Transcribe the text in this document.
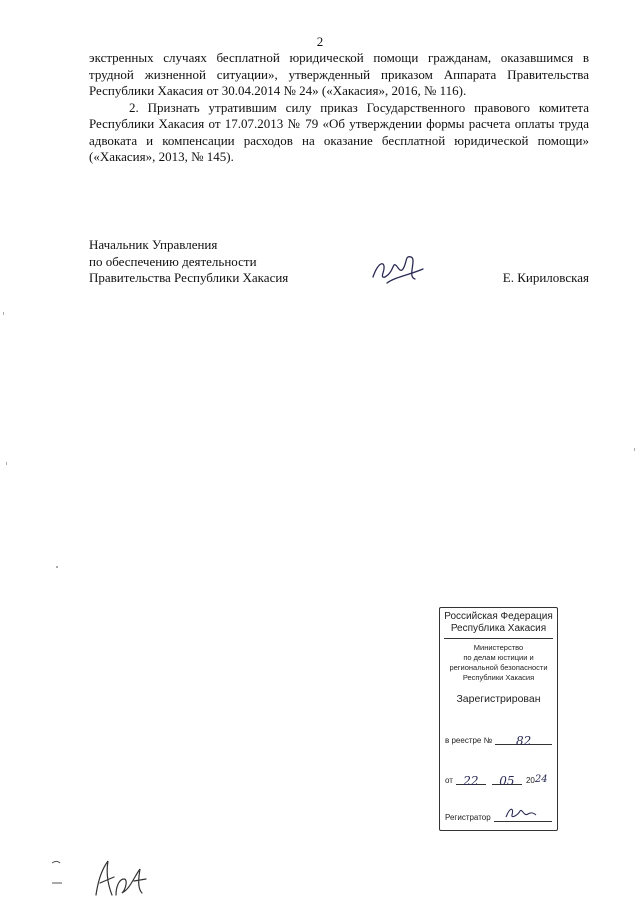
2

экстренных случаях бесплатной юридической помощи гражданам, оказавшимся в трудной жизненной ситуации», утвержденный приказом Аппарата Правительства Республики Хакасия от 30.04.2014 № 24» («Хакасия», 2016, № 116).

2. Признать утратившим силу приказ Государственного правового комитета Республики Хакасия от 17.07.2013 № 79 «Об утверждении формы расчета оплаты труда адвоката и компенсации расходов на оказание бесплатной юридической помощи» («Хакасия», 2013, № 145).

Начальник Управления
по обеспечению деятельности
Правительства Республики Хакасия	Е. Кириловская
Российская Федерация
Республика Хакасия
Министерство
по делам юстиции и
региональной безопасности
Республики Хакасия
Зарегистрирован
в реестре №	82
от 22	05	20 24
Регистратор
